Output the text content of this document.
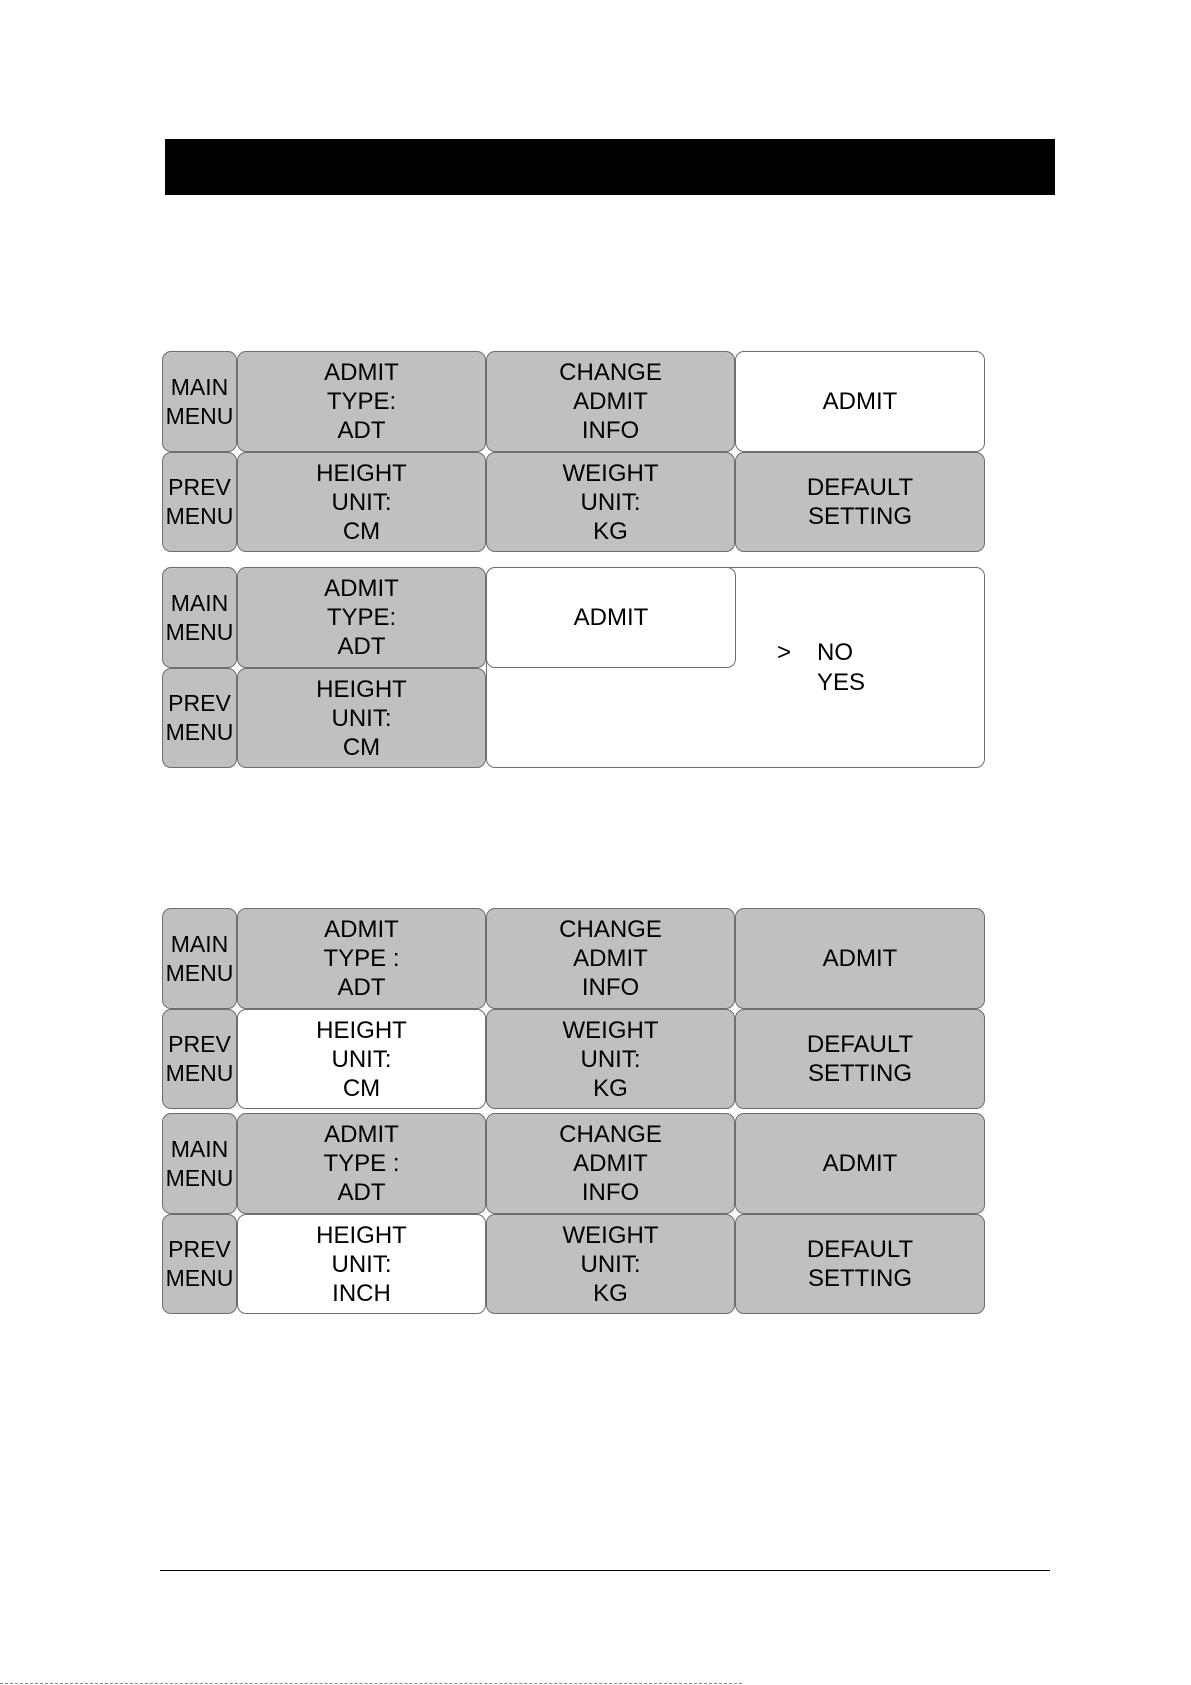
MAIN
MENU
ADMIT
TYPE:
ADT
CHANGE
ADMIT
INFO
ADMIT
PREV
MENU
HEIGHT
UNIT:
CM
WEIGHT
UNIT:
KG
DEFAULT
SETTING
MAIN
MENU
ADMIT
TYPE:
ADT
PREV
MENU
HEIGHT
UNIT:
CM
ADMIT
> NO
YES
MAIN
MENU
ADMIT
TYPE :
ADT
CHANGE
ADMIT
INFO
ADMIT
PREV
MENU
HEIGHT
UNIT:
CM
WEIGHT
UNIT:
KG
DEFAULT
SETTING
MAIN
MENU
ADMIT
TYPE :
ADT
CHANGE
ADMIT
INFO
ADMIT
PREV
MENU
HEIGHT
UNIT:
INCH
WEIGHT
UNIT:
KG
DEFAULT
SETTING
